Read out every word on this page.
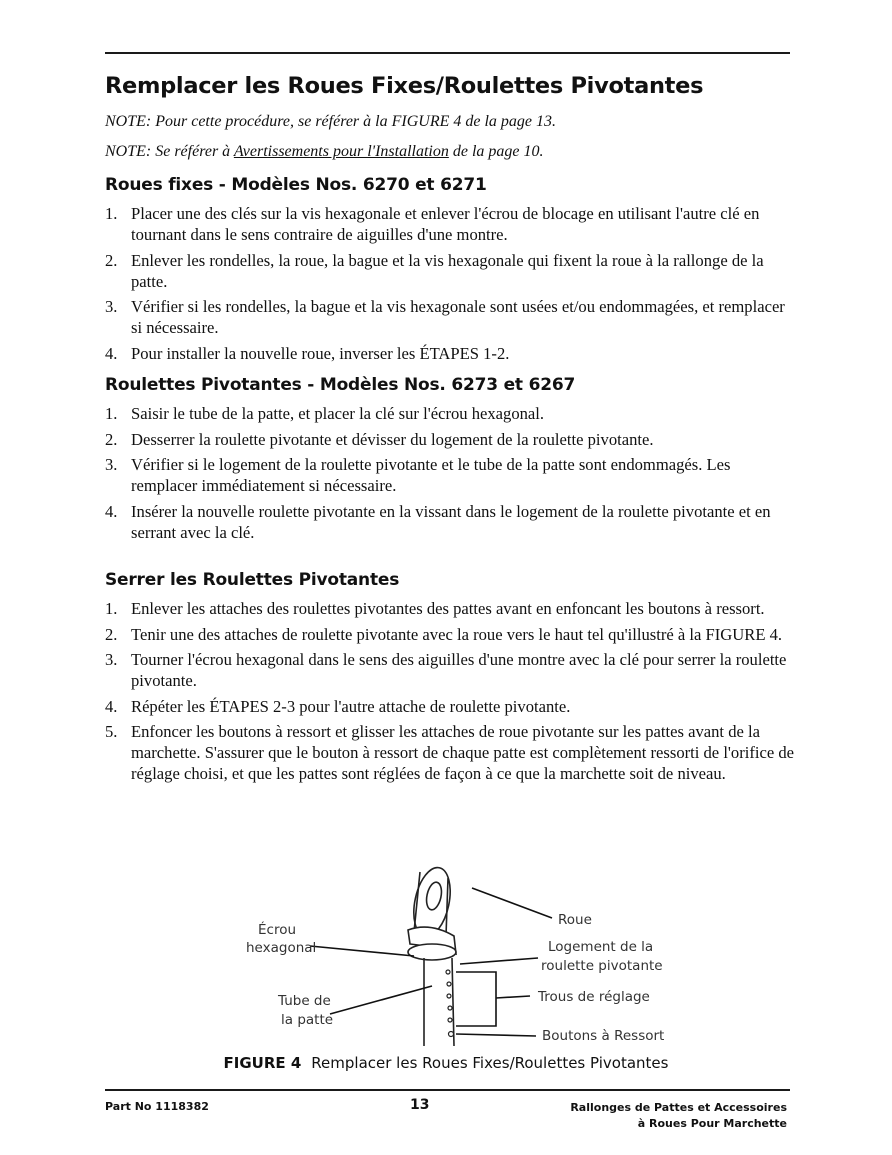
Remplacer les Roues Fixes/Roulettes Pivotantes
NOTE: Pour cette procédure, se référer à la FIGURE 4 de la page 13.
NOTE: Se référer à Avertissements pour l'Installation de la page 10.
Roues fixes - Modèles Nos. 6270 et 6271
1. Placer une des clés sur la vis hexagonale et enlever l'écrou de blocage en utilisant l'autre clé en tournant dans le sens contraire de aiguilles d'une montre.
2. Enlever les rondelles, la roue, la bague et la vis hexagonale qui fixent la roue à la rallonge de la patte.
3. Vérifier si les rondelles, la bague et la vis hexagonale sont usées et/ou endommagées, et remplacer si nécessaire.
4. Pour installer la nouvelle roue, inverser les ÉTAPES 1-2.
Roulettes Pivotantes - Modèles Nos. 6273 et 6267
1. Saisir le tube de la patte, et placer la clé sur l'écrou hexagonal.
2. Desserrer la roulette pivotante et dévisser du logement de la roulette pivotante.
3. Vérifier si le logement de la roulette pivotante et le tube de la patte sont endommagés. Les remplacer immédiatement si nécessaire.
4. Insérer la nouvelle roulette pivotante en la vissant dans le logement de la roulette pivotante et en serrant avec la clé.
Serrer les Roulettes Pivotantes
1. Enlever les attaches des roulettes pivotantes des pattes avant en enfoncant les boutons à ressort.
2. Tenir une des attaches de roulette pivotante avec la roue vers le haut tel qu'illustré à la FIGURE 4.
3. Tourner l'écrou hexagonal dans le sens des aiguilles d'une montre avec la clé pour serrer la roulette pivotante.
4. Répéter les ÉTAPES 2-3 pour l'autre attache de roulette pivotante.
5. Enfoncer les boutons à ressort et glisser les attaches de roue pivotante sur les pattes avant de la marchette. S'assurer que le bouton à ressort de chaque patte est complètement ressorti de l'orifice de réglage choisi, et que les pattes sont réglées de façon à ce que la marchette soit de niveau.
Écrou
hexagonal
Tube de
la patte
Roue
Logement de la
roulette pivotante
Trous de réglage
Boutons à Ressort
FIGURE 4 Remplacer les Roues Fixes/Roulettes Pivotantes
Part No 1118382	13	Rallonges de Pattes et Accessoires
à Roues Pour Marchette
